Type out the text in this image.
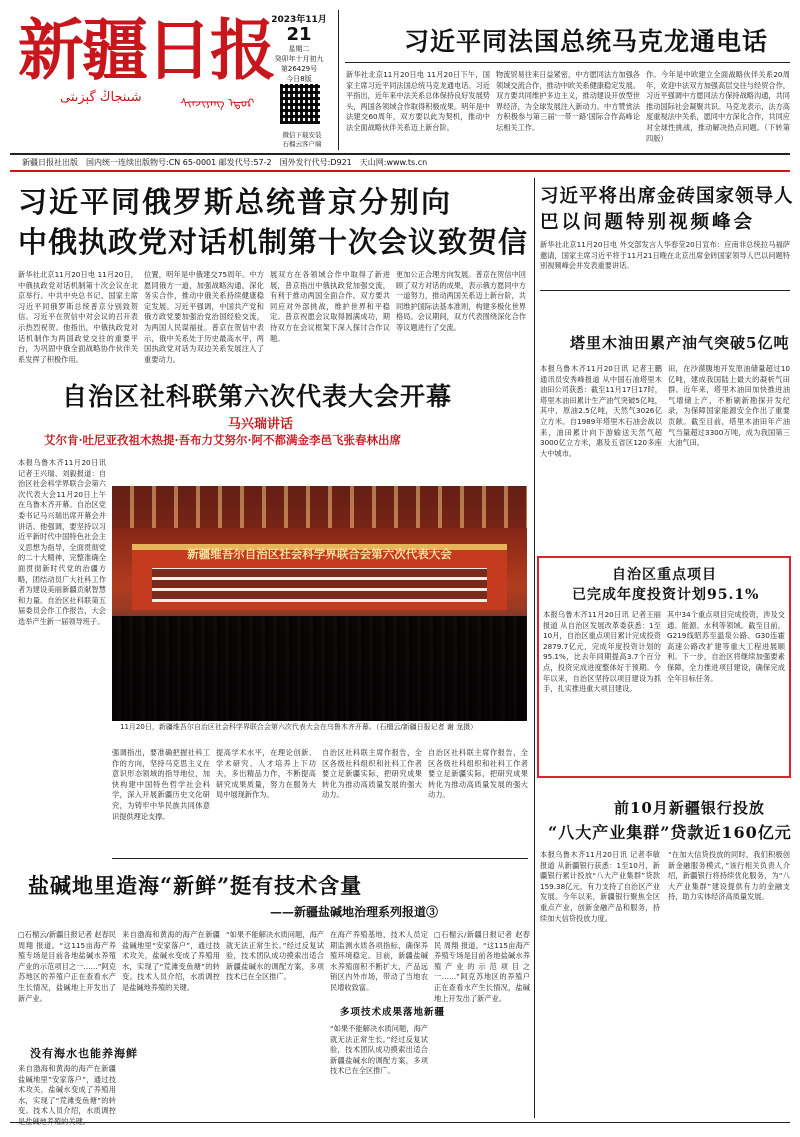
新疆日报
شىنجاڭ گېزىتى	ᠰᠢᠨᠵᠢᠶᠠᠩ ᠡᠳᠦᠷ
2023年11月
21
星期二
癸卯年十月初九
第26429号
今日8版
微信下载安装
石榴云客户端
习近平同法国总统马克龙通电话
新华社北京11月20日电 11月20日下午，国家主席习近平同法国总统马克龙通电话。习近平指出，近年来中法关系总体保持良好发展势头，两国各领域合作取得积极成果。明年是中法建交60周年，双方要以此为契机，推动中法全面战略伙伴关系迈上新台阶。
物流贸易往来日益紧密，中方愿同法方加强各领域交流合作，推动中欧关系健康稳定发展。双方要共同维护多边主义，推动建设开放型世界经济，为全球发展注入新动力。中方赞赏法方积极参与第三届'一带一路'国际合作高峰论坛相关工作。
作。今年是中欧建立全面战略伙伴关系20周年，欢迎中法双方加强高层交往与经贸合作，习近平强调中方愿同法方保持战略沟通，共同推动国际社会凝聚共识。马克龙表示，法方高度重视法中关系，愿同中方深化合作，共同应对全球性挑战，推动解决热点问题。（下转第四版）
新疆日报社出版　国内统一连续出版物号:CN 65-0001 邮发代号:57-2　国外发行代号:D921　天山网:www.ts.cn
习近平同俄罗斯总统普京分别向
中俄执政党对话机制第十次会议致贺信
新华社北京11月20日电 11月20日，中俄执政党对话机制第十次会议在北京举行。中共中央总书记、国家主席习近平同俄罗斯总统普京分别致贺信。习近平在贺信中对会议的召开表示热烈祝贺。他指出，中俄执政党对话机制作为两国政党交往的重要平台，为巩固中俄全面战略协作伙伴关系发挥了积极作用。
位置，明年是中俄建交75周年。中方愿同俄方一道，加强战略沟通，深化务实合作，推动中俄关系持续健康稳定发展。习近平强调，中国共产党和俄方政党要加强治党治国经验交流，为两国人民谋福祉。普京在贺信中表示，俄中关系处于历史最高水平，两国执政党对话为双边关系发展注入了重要动力。
展双方在各领域合作中取得了新进展，普京指出中俄执政党加强交流，有利于推动两国全面合作。双方要共同应对外部挑战，维护世界和平稳定。普京祝愿会议取得圆满成功，期待双方在会议框架下深入探讨合作议题。
更加公正合理方向发展。普京在贺信中回顾了双方对话的成果，表示俄方愿同中方一道努力，推动两国关系迈上新台阶，共同维护国际法基本准则，构建多极化世界格局。会议期间，双方代表围绕深化合作等议题进行了交流。
习近平将出席金砖国家领导人
巴以问题特别视频峰会
新华社北京11月20日电 外交部发言人华春莹20日宣布：应南非总统拉马福萨邀请，国家主席习近平将于11月21日晚在北京出席金砖国家领导人巴以问题特别视频峰会并发表重要讲话。
塔里木油田累产油气突破5亿吨
本报乌鲁木齐11月20日讯 记者王鹏 通讯员安秀峰报道 从中国石油塔里木油田公司获悉：截至11月17日17时，塔里木油田累计生产油气突破5亿吨，其中，原油2.5亿吨，天然气3026亿立方米。自1989年塔里木石油会战以来，油田累计向下游输送天然气超3000亿立方米，惠及五省区120多座大中城市。
田，在沙漠腹地开发原油储量超过10亿吨，建成我国陆上最大的凝析气田群。近年来，塔里木油田加快推进油气增储上产，不断刷新勘探开发纪录，为保障国家能源安全作出了重要贡献。截至目前，塔里木油田年产油气当量超过3300万吨，成为我国第三大油气田。
自治区重点项目
已完成年度投资计划95.1%
本报乌鲁木齐11月20日讯 记者王丽报道 从自治区发展改革委获悉：1至10月，自治区重点项目累计完成投资2879.7亿元，完成年度投资计划的95.1%，比去年同期提高3.7个百分点，投资完成进度整体好于预期。今年以来，自治区坚持以项目建设为抓手，扎实推进重大项目建设。
其中34个重点项目完成投资，涉及交通、能源、水利等领域。截至目前，G219线昭苏至温泉公路、G30连霍高速公路改扩建等重大工程进展顺利。下一步，自治区将继续加强要素保障，全力推进项目建设，确保完成全年目标任务。
前10月新疆银行投放
“八大产业集群”贷款近160亿元
本报乌鲁木齐11月20日讯 记者李敏报道 从新疆银行获悉：1至10月，新疆银行累计投放“八大产业集群”贷款159.38亿元，有力支持了自治区产业发展。今年以来，新疆银行聚焦全区重点产业，创新金融产品和服务，持续加大信贷投放力度。
“在加大信贷投放的同时，我们积极创新金融服务模式，”该行相关负责人介绍，新疆银行将持续优化服务，为“八大产业集群”建设提供有力的金融支持，助力实体经济高质量发展。
自治区社科联第六次代表大会开幕
马兴瑞讲话
艾尔肯·吐尼亚孜祖木热提·吾布力艾努尔·阿不都满金李邑飞张春林出席
本报乌鲁木齐11月20日讯 记者王兴瑞、刘毅报道：自治区社会科学界联合会第六次代表大会11月20日上午在乌鲁木齐开幕。自治区党委书记马兴瑞出席开幕会并讲话。他强调，要坚持以习近平新时代中国特色社会主义思想为指导，全面贯彻党的二十大精神，完整准确全面贯彻新时代党的治疆方略，团结动员广大社科工作者为建设美丽新疆贡献智慧和力量。自治区社科联第五届委员会作工作报告，大会选举产生新一届领导班子。
新疆维吾尔自治区社会科学界联合会第六次代表大会
11月20日，新疆维吾尔自治区社会科学界联合会第六次代表大会在乌鲁木齐开幕。（石榴云/新疆日报记者 谢 龙摄）
强调指出，要准确把握社科工作的方向，坚持马克思主义在意识形态领域的指导地位，加快构建中国特色哲学社会科学，深入开展新疆历史文化研究，为铸牢中华民族共同体意识提供理论支撑。
提高学术水平，在理论创新、学术研究、人才培养上下功夫，多出精品力作，不断提高研究成果质量，努力在服务大局中展现新作为。
自治区社科联主席作报告，全区各级社科组织和社科工作者要立足新疆实际，把研究成果转化为推动高质量发展的强大动力。
自治区社科联主席作报告，全区各级社科组织和社科工作者要立足新疆实际，把研究成果转化为推动高质量发展的强大动力。
盐碱地里造海“新鲜”挺有技术含量
——新疆盐碱地治理系列报道③
□石榴云/新疆日报记者 赵春民 周翔 报道。“这115亩海产养殖专场是目前各地盐碱水养殖产业的示范项目之一……”阿克苏地区的养殖户正在查看水产生长情况，盐碱地上开发出了新产业。
没有海水也能养海鲜
来自渤海和黄海的海产在新疆盐碱地里“安家落户”，通过技术攻关，盐碱水变成了养殖用水，实现了“荒滩变鱼塘”的转变。技术人员介绍，水质调控
来自渤海和黄海的海产在新疆盐碱地里“安家落户”，通过技术攻关，盐碱水变成了养殖用水，实现了“荒滩变鱼塘”的转变。技术人员介绍，水质调控是盐碱地养殖的关键。
“如果不能解决水质问题，海产就无法正常生长。”经过反复试验，技术团队成功摸索出适合新疆盐碱水的调配方案，多项技术已在全区推广。
在海产养殖基地，技术人员定期监测水质各项指标，确保养殖环境稳定。目前，新疆盐碱水养殖面积不断扩大，产品远销区内外市场，带动了当地农民增收致富。
多项技术成果落地新疆
“如果不能解决水质问题，海产就无法正常生长。”经过反复试验，技术团队成功摸索出适合新疆盐碱水的调配方案，多项技术已在全区推广。
□石榴云/新疆日报记者 赵春民 周翔 报道。“这115亩海产养殖专场是目前各地盐碱水养殖产业的示范项目之一……”阿克苏地区的养殖户正在查看水产生长情况，盐碱地上开发出了新产业。
